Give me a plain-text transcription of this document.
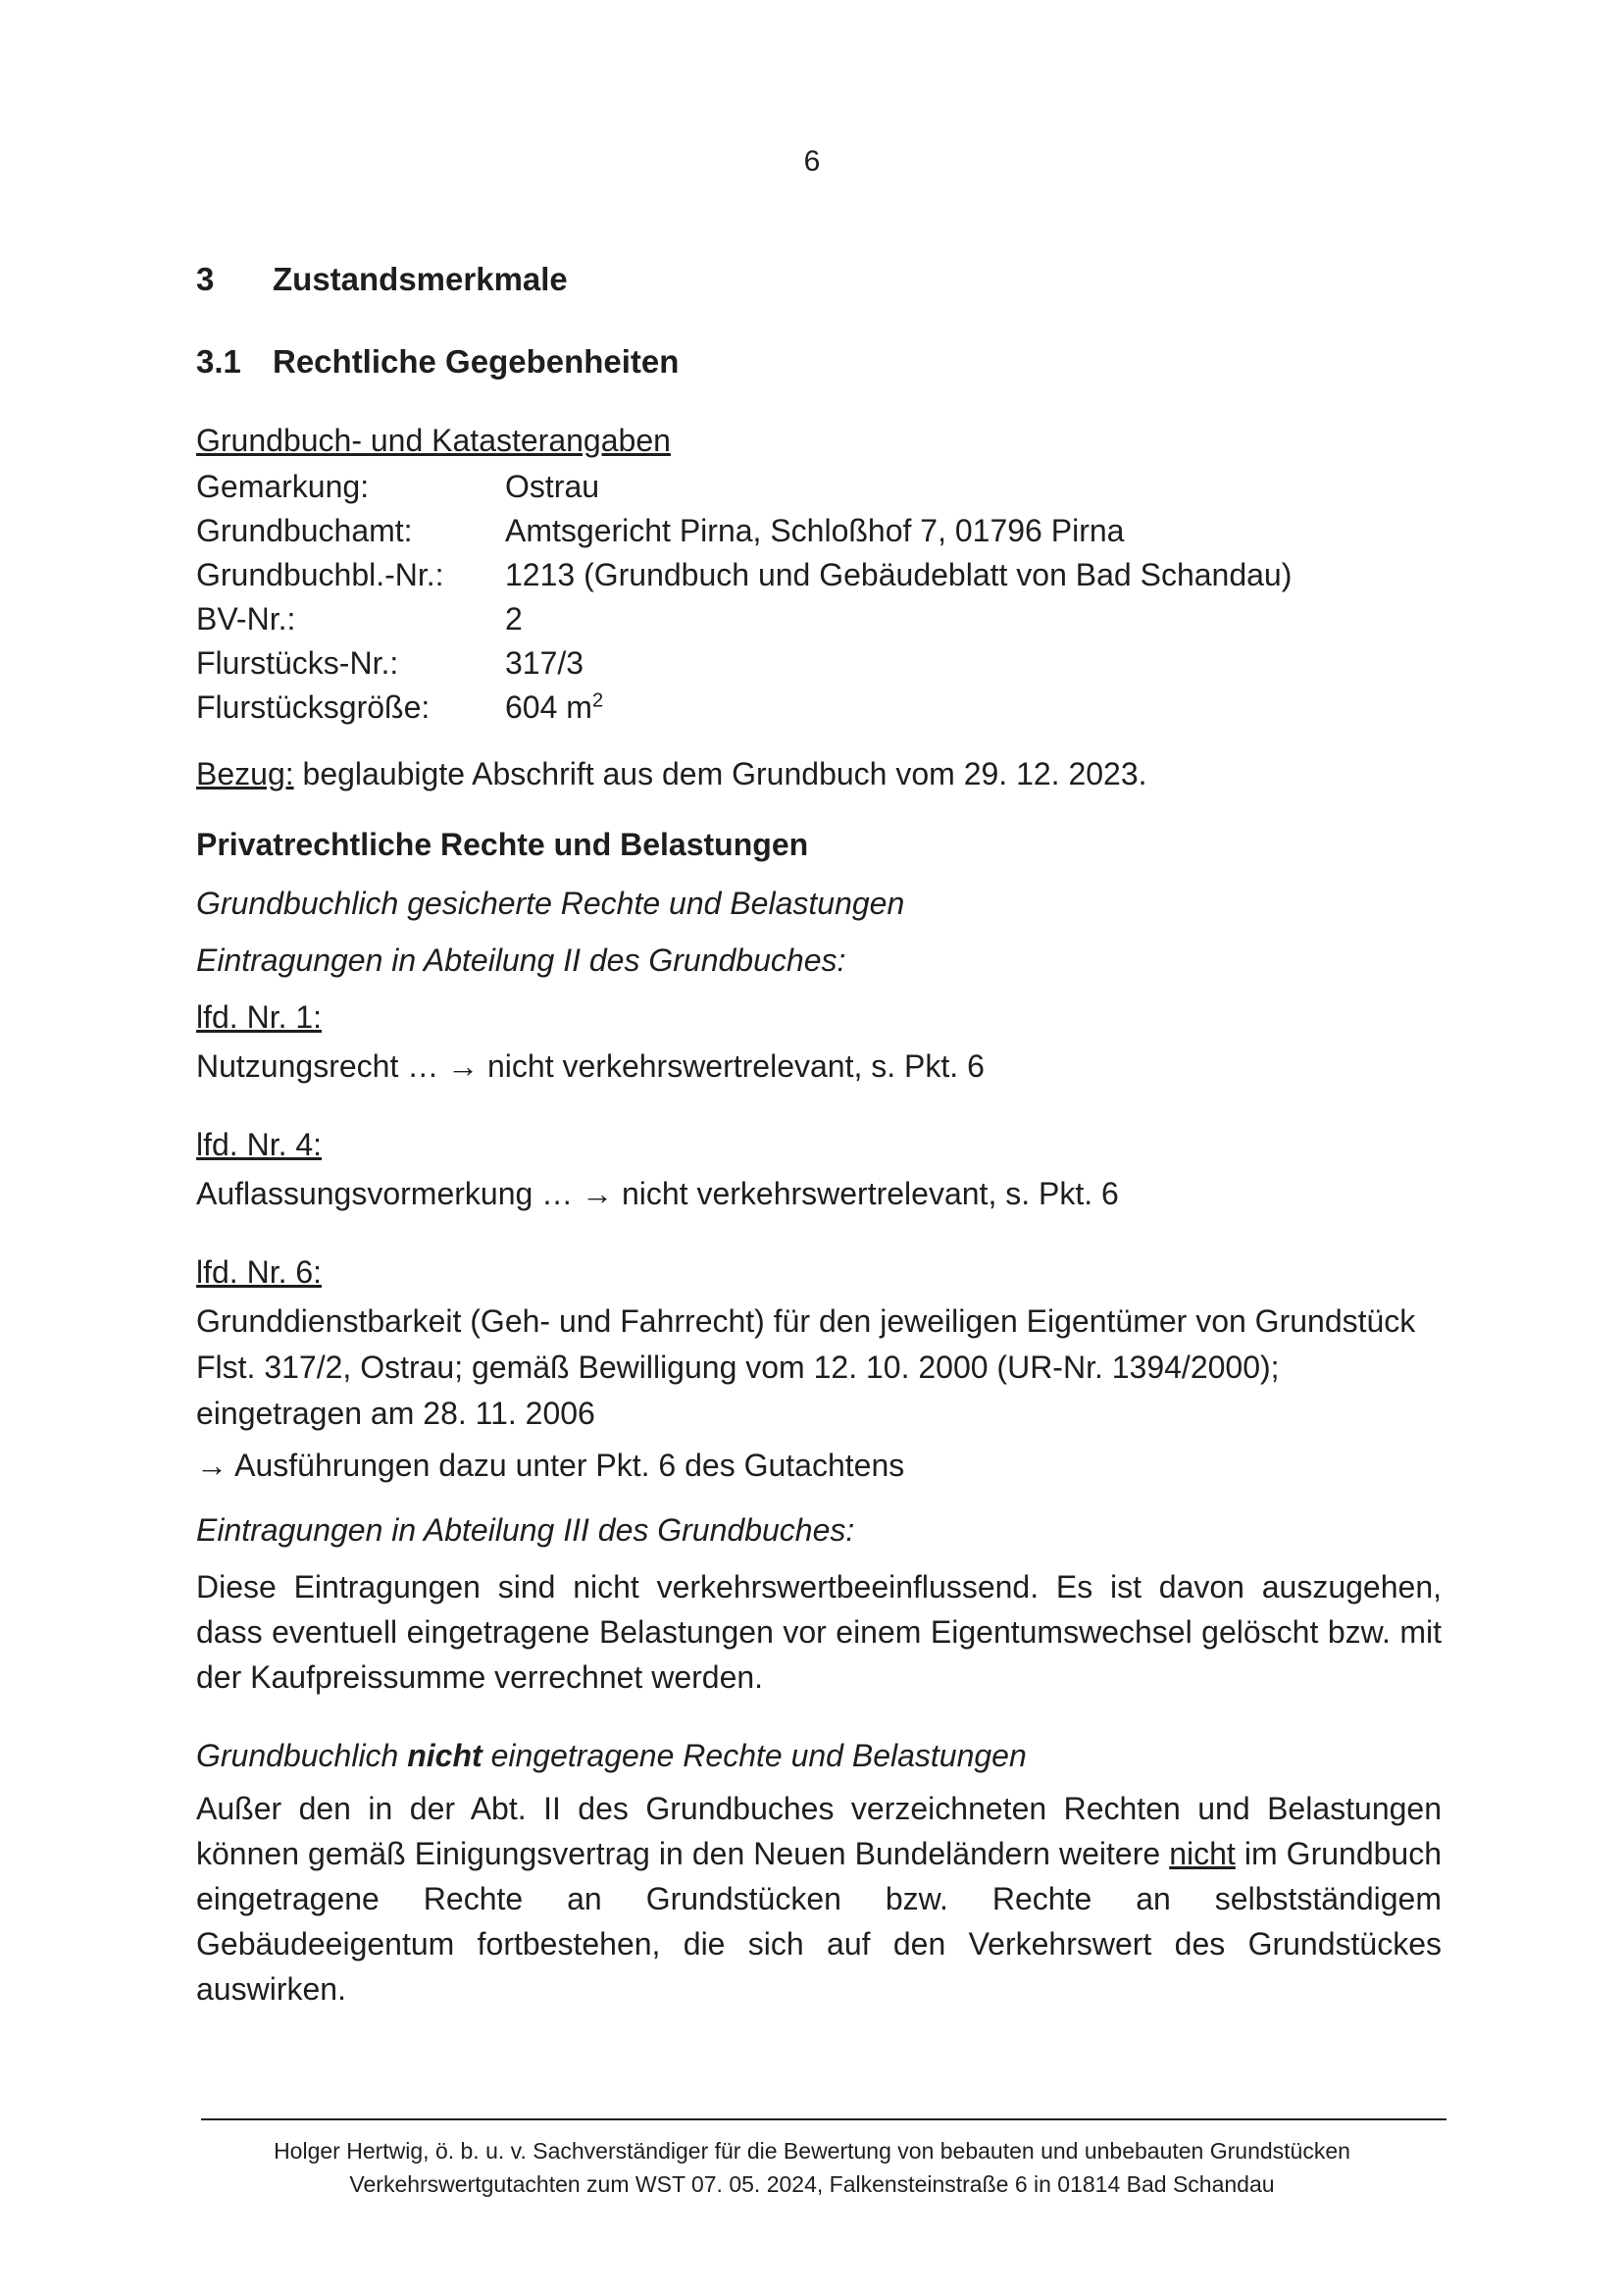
6
3	Zustandsmerkmale
3.1 Rechtliche Gegebenheiten
Grundbuch- und Katasterangaben
Gemarkung:	Ostrau
Grundbuchamt:	Amtsgericht Pirna, Schloßhof 7, 01796 Pirna
Grundbuchbl.-Nr.:	1213 (Grundbuch und Gebäudeblatt von Bad Schandau)
BV-Nr.:	2
Flurstücks-Nr.:	317/3
Flurstücksgröße:	604 $m^2$
Bezug: beglaubigte Abschrift aus dem Grundbuch vom 29. 12. 2023.
Privatrechtliche Rechte und Belastungen
Grundbuchlich gesicherte Rechte und Belastungen
Eintragungen in Abteilung II des Grundbuches:
lfd. Nr. 1:
Nutzungsrecht … → nicht verkehrswertrelevant, s. Pkt. 6
lfd. Nr. 4:
Auflassungsvormerkung … → nicht verkehrswertrelevant, s. Pkt. 6
lfd. Nr. 6:
Grunddienstbarkeit (Geh- und Fahrrecht) für den jeweiligen Eigentümer von Grundstück Flst. 317/2, Ostrau; gemäß Bewilligung vom 12. 10. 2000 (UR-Nr. 1394/2000); eingetragen am 28. 11. 2006
→ Ausführungen dazu unter Pkt. 6 des Gutachtens
Eintragungen in Abteilung III des Grundbuches:
Diese Eintragungen sind nicht verkehrswertbeeinflussend. Es ist davon auszugehen, dass eventuell eingetragene Belastungen vor einem Eigentumswechsel gelöscht bzw. mit der Kaufpreissumme verrechnet werden.
Grundbuchlich nicht eingetragene Rechte und Belastungen
Außer den in der Abt. II des Grundbuches verzeichneten Rechten und Belastungen können gemäß Einigungsvertrag in den Neuen Bundeländern weitere nicht im Grundbuch eingetragene Rechte an Grundstücken bzw. Rechte an selbstständigem Gebäudeeigentum fortbestehen, die sich auf den Verkehrswert des Grundstückes auswirken.
Holger Hertwig, ö. b. u. v. Sachverständiger für die Bewertung von bebauten und unbebauten Grundstücken
Verkehrswertgutachten zum WST 07. 05. 2024, Falkensteinstraße 6 in 01814 Bad Schandau
